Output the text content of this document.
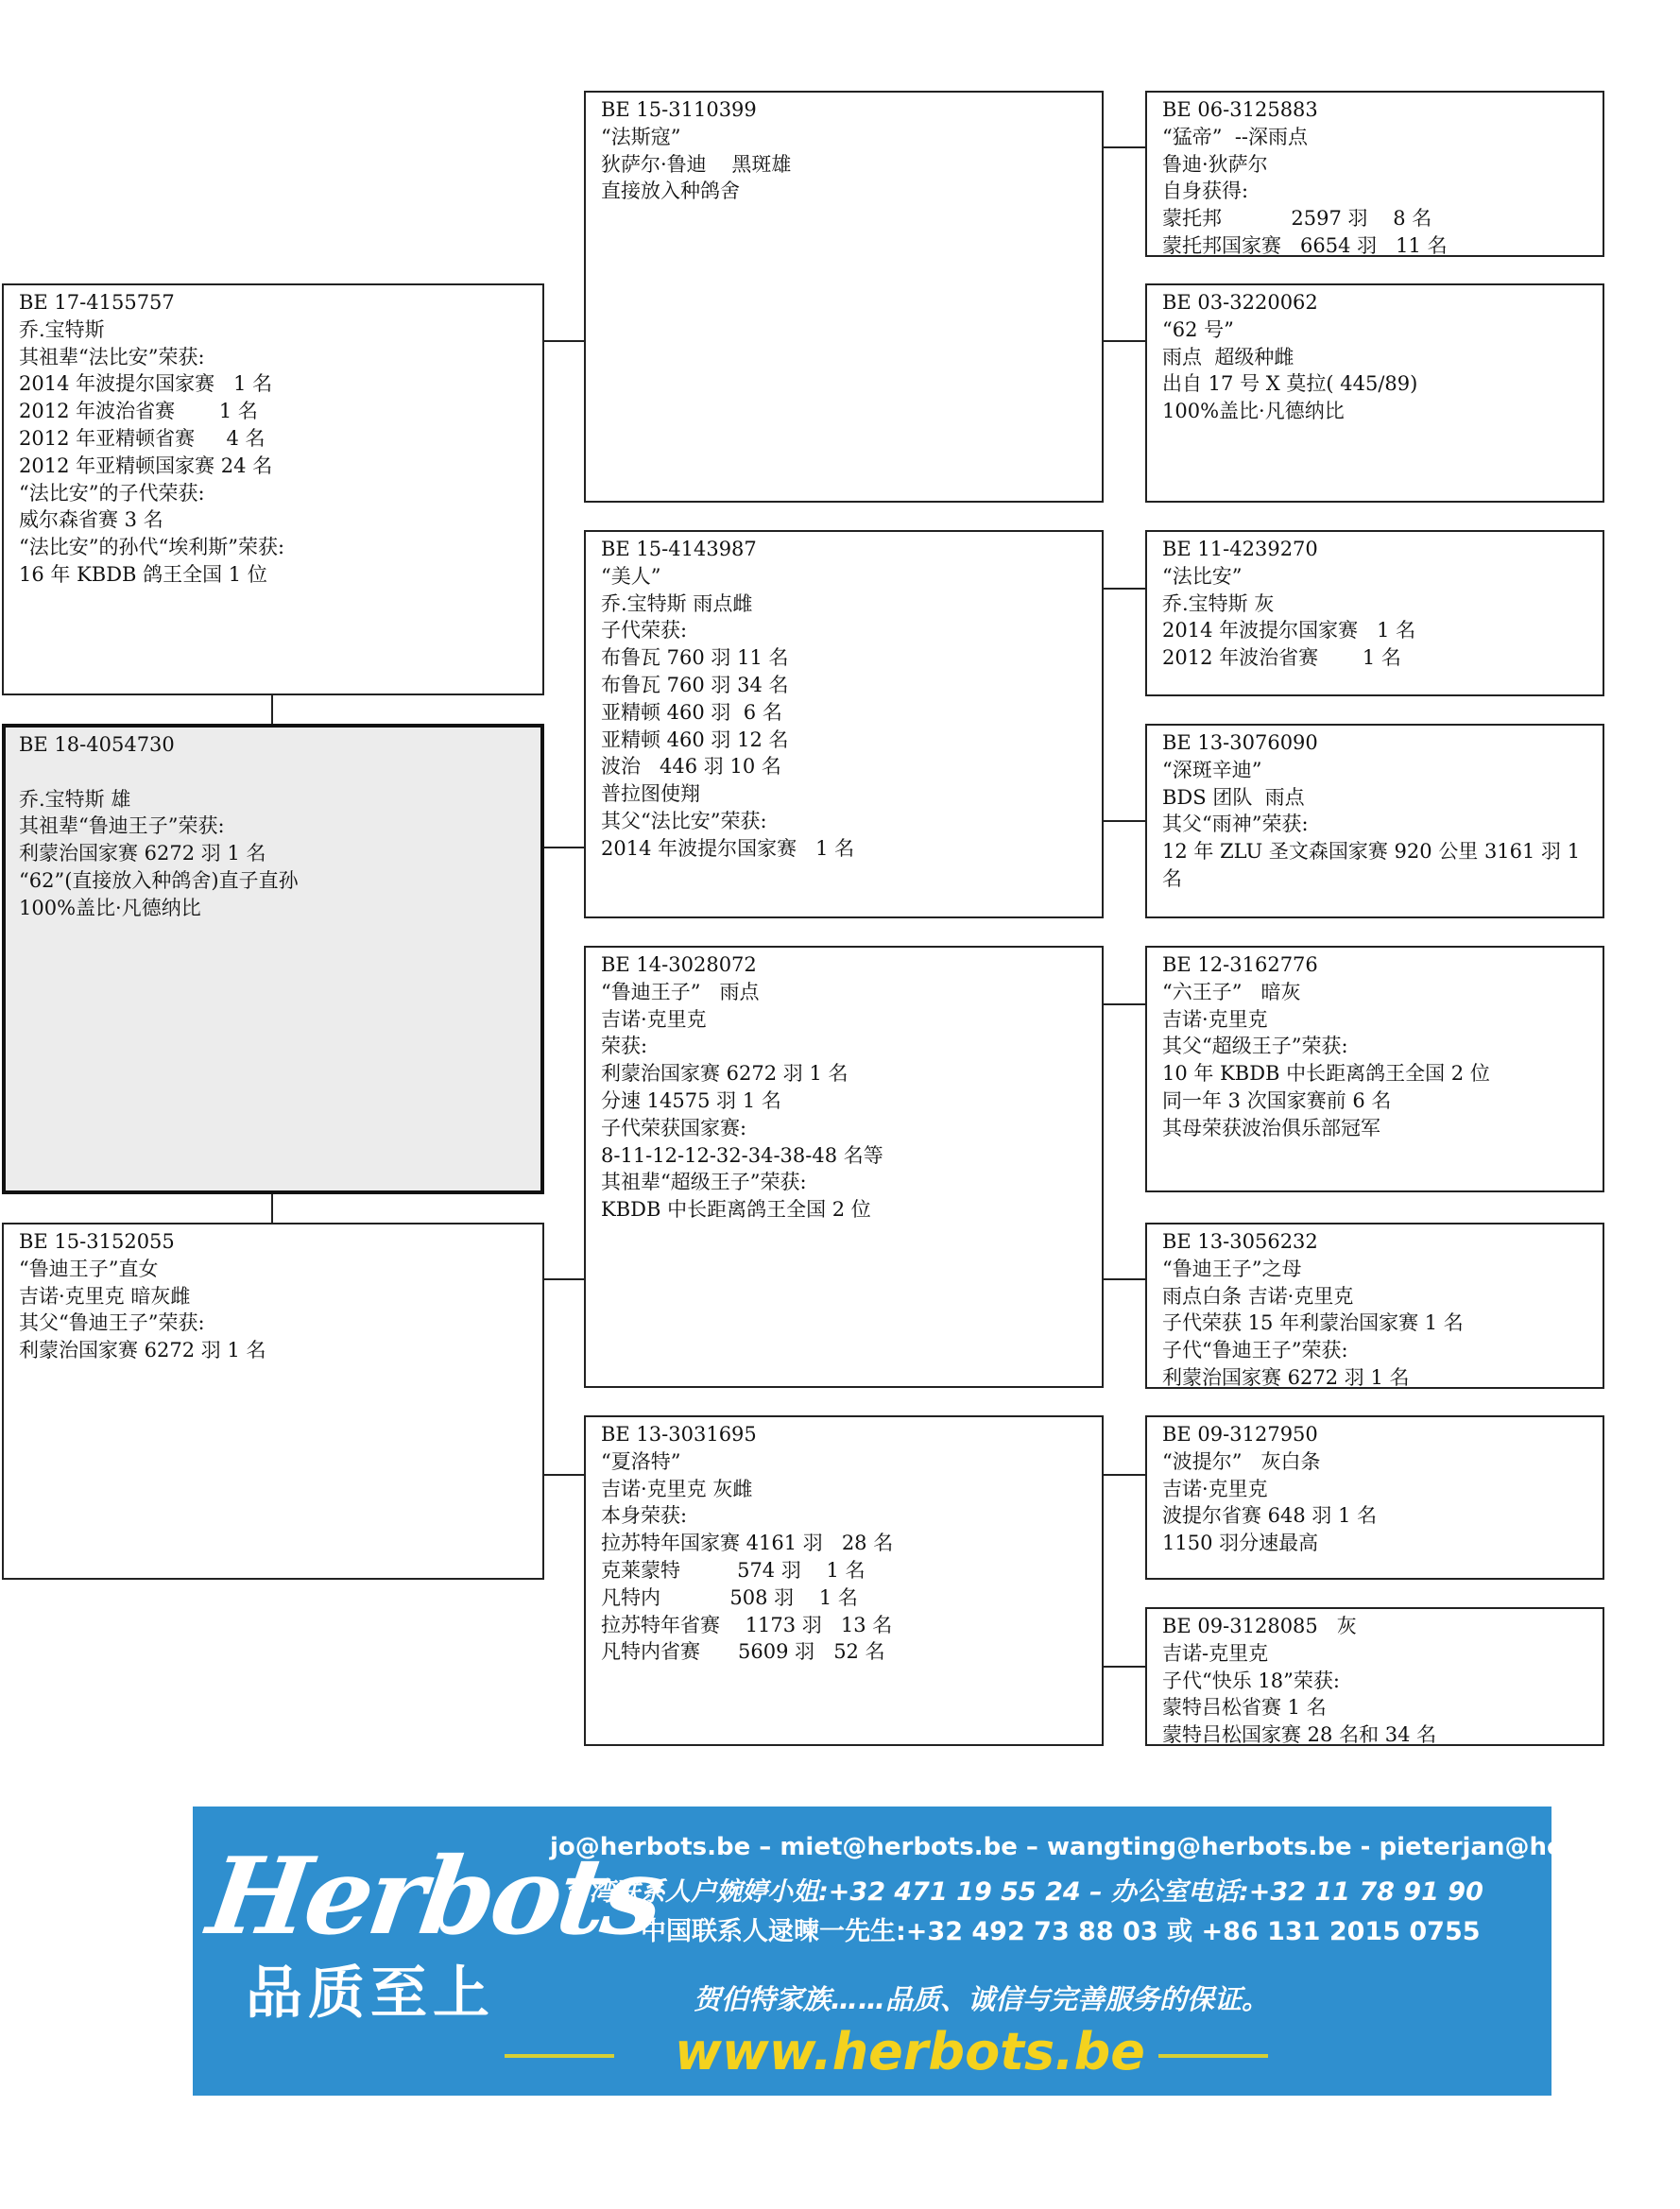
BE 17-4155757
乔.宝特斯
其祖辈“法比安”荣获:
2014 年波提尔国家赛   1 名
2012 年波治省赛       1 名
2012 年亚精顿省赛     4 名
2012 年亚精顿国家赛 24 名
“法比安”的子代荣获:
威尔森省赛 3 名
“法比安”的孙代“埃利斯”荣获:
16 年 KBDB 鸽王全国 1 位
BE 18-4054730
乔.宝特斯 雄
其祖辈“鲁迪王子”荣获:
利蒙治国家赛 6272 羽 1 名
“62”(直接放入种鸽舍)直子直孙
100%盖比·凡德纳比
BE 15-3152055
“鲁迪王子”直女
吉诺·克里克 暗灰雌
其父“鲁迪王子”荣获:
利蒙治国家赛 6272 羽 1 名
BE 15-3110399
“法斯寇”
狄萨尔·鲁迪    黑斑雄
直接放入种鸽舍
BE 15-4143987
“美人”
乔.宝特斯 雨点雌
子代荣获:
布鲁瓦 760 羽 11 名
布鲁瓦 760 羽 34 名
亚精顿 460 羽  6 名
亚精顿 460 羽 12 名
波治   446 羽 10 名
普拉图使翔
其父“法比安”荣获:
2014 年波提尔国家赛   1 名
BE 14-3028072
“鲁迪王子”   雨点
吉诺·克里克
荣获:
利蒙治国家赛 6272 羽 1 名
分速 14575 羽 1 名
子代荣获国家赛:
8-11-12-12-32-34-38-48 名等
其祖辈“超级王子”荣获:
KBDB 中长距离鸽王全国 2 位
BE 13-3031695
“夏洛特”
吉诺·克里克 灰雌
本身荣获:
拉苏特年国家赛 4161 羽   28 名
克莱蒙特         574 羽    1 名
凡特内           508 羽    1 名
拉苏特年省赛    1173 羽   13 名
凡特内省赛      5609 羽   52 名
BE 06-3125883
“猛帝”  --深雨点
鲁迪·狄萨尔
自身获得:
蒙托邦           2597 羽    8 名
蒙托邦国家赛   6654 羽   11 名
BE 03-3220062
“62 号”
雨点  超级种雌
出自 17 号 X 莫拉( 445/89)
100%盖比·凡德纳比
BE 11-4239270
“法比安”
乔.宝特斯 灰
2014 年波提尔国家赛   1 名
2012 年波治省赛       1 名
BE 13-3076090
“深斑辛迪”
BDS 团队  雨点
其父“雨神”荣获:
12 年 ZLU 圣文森国家赛 920 公里 3161 羽 1
名
BE 12-3162776
“六王子”   暗灰
吉诺·克里克
其父“超级王子”荣获:
10 年 KBDB 中长距离鸽王全国 2 位
同一年 3 次国家赛前 6 名
其母荣获波治俱乐部冠军
BE 13-3056232
“鲁迪王子”之母
雨点白条 吉诺·克里克
子代荣获 15 年利蒙治国家赛 1 名
子代“鲁迪王子”荣获:
利蒙治国家赛 6272 羽 1 名
BE 09-3127950
“波提尔”   灰白条
吉诺·克里克
波提尔省赛 648 羽 1 名
1150 羽分速最高
BE 09-3128085   灰
吉诺-克里克
子代“快乐 18”荣获:
蒙特吕松省赛 1 名
蒙特吕松国家赛 28 名和 34 名
Herbots
品质至上
jo@herbots.be – miet@herbots.be – wangting@herbots.be - pieterjan@herbots.be
台湾联系人户婉婷小姐:+32 471 19 55 24 – 办公室电话:+32 11 78 91 90
中国联系人逯暕一先生:+32 492 73 88 03 或 +86 131 2015 0755
贺伯特家族……品质、诚信与完善服务的保证。
www.herbots.be
